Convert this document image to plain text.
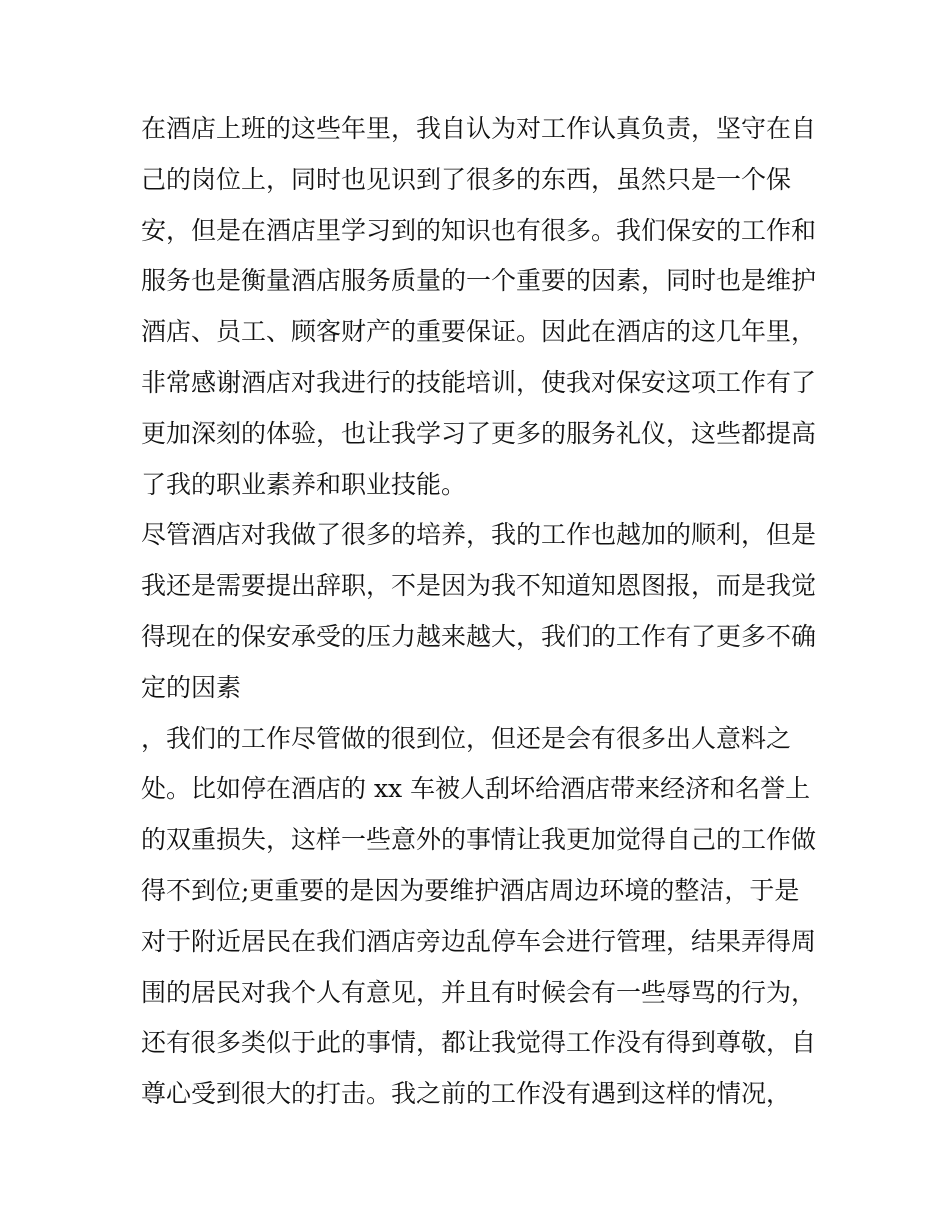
在酒店上班的这些年里，我自认为对工作认真负责，坚守在自
己的岗位上，同时也见识到了很多的东西，虽然只是一个保
安，但是在酒店里学习到的知识也有很多。我们保安的工作和
服务也是衡量酒店服务质量的一个重要的因素，同时也是维护
酒店、员工、顾客财产的重要保证。因此在酒店的这几年里，
非常感谢酒店对我进行的技能培训，使我对保安这项工作有了
更加深刻的体验，也让我学习了更多的服务礼仪，这些都提高
了我的职业素养和职业技能。
尽管酒店对我做了很多的培养，我的工作也越加的顺利，但是
我还是需要提出辞职，不是因为我不知道知恩图报，而是我觉
得现在的保安承受的压力越来越大，我们的工作有了更多不确
定的因素
，我们的工作尽管做的很到位，但还是会有很多出人意料之
处。比如停在酒店的 xx 车被人刮坏给酒店带来经济和名誉上
的双重损失，这样一些意外的事情让我更加觉得自己的工作做
得不到位;更重要的是因为要维护酒店周边环境的整洁，于是
对于附近居民在我们酒店旁边乱停车会进行管理，结果弄得周
围的居民对我个人有意见，并且有时候会有一些辱骂的行为，
还有很多类似于此的事情，都让我觉得工作没有得到尊敬，自
尊心受到很大的打击。我之前的工作没有遇到这样的情况，
